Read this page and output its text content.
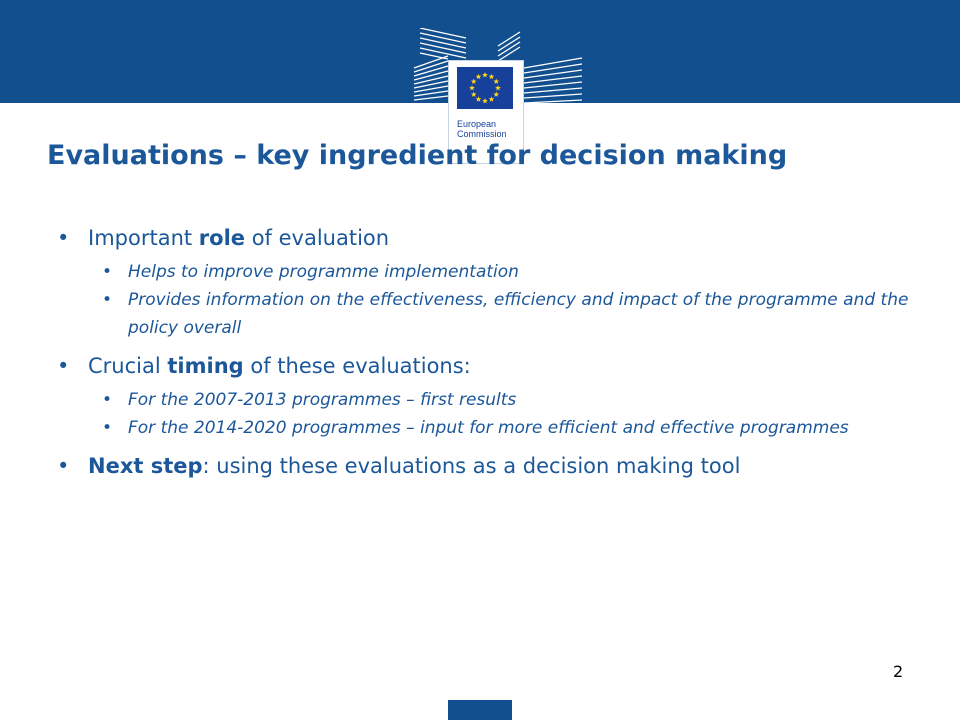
European
Commission
Evaluations – key ingredient for decision making

• Important role of evaluation

• Helps to improve programme implementation

• Provides information on the effectiveness, efficiency and impact of the programme and the policy overall

• Crucial timing of these evaluations:

• For the 2007-2013 programmes – first results

• For the 2014-2020 programmes – input for more efficient and effective programmes

• Next step: using these evaluations as a decision making tool

2
